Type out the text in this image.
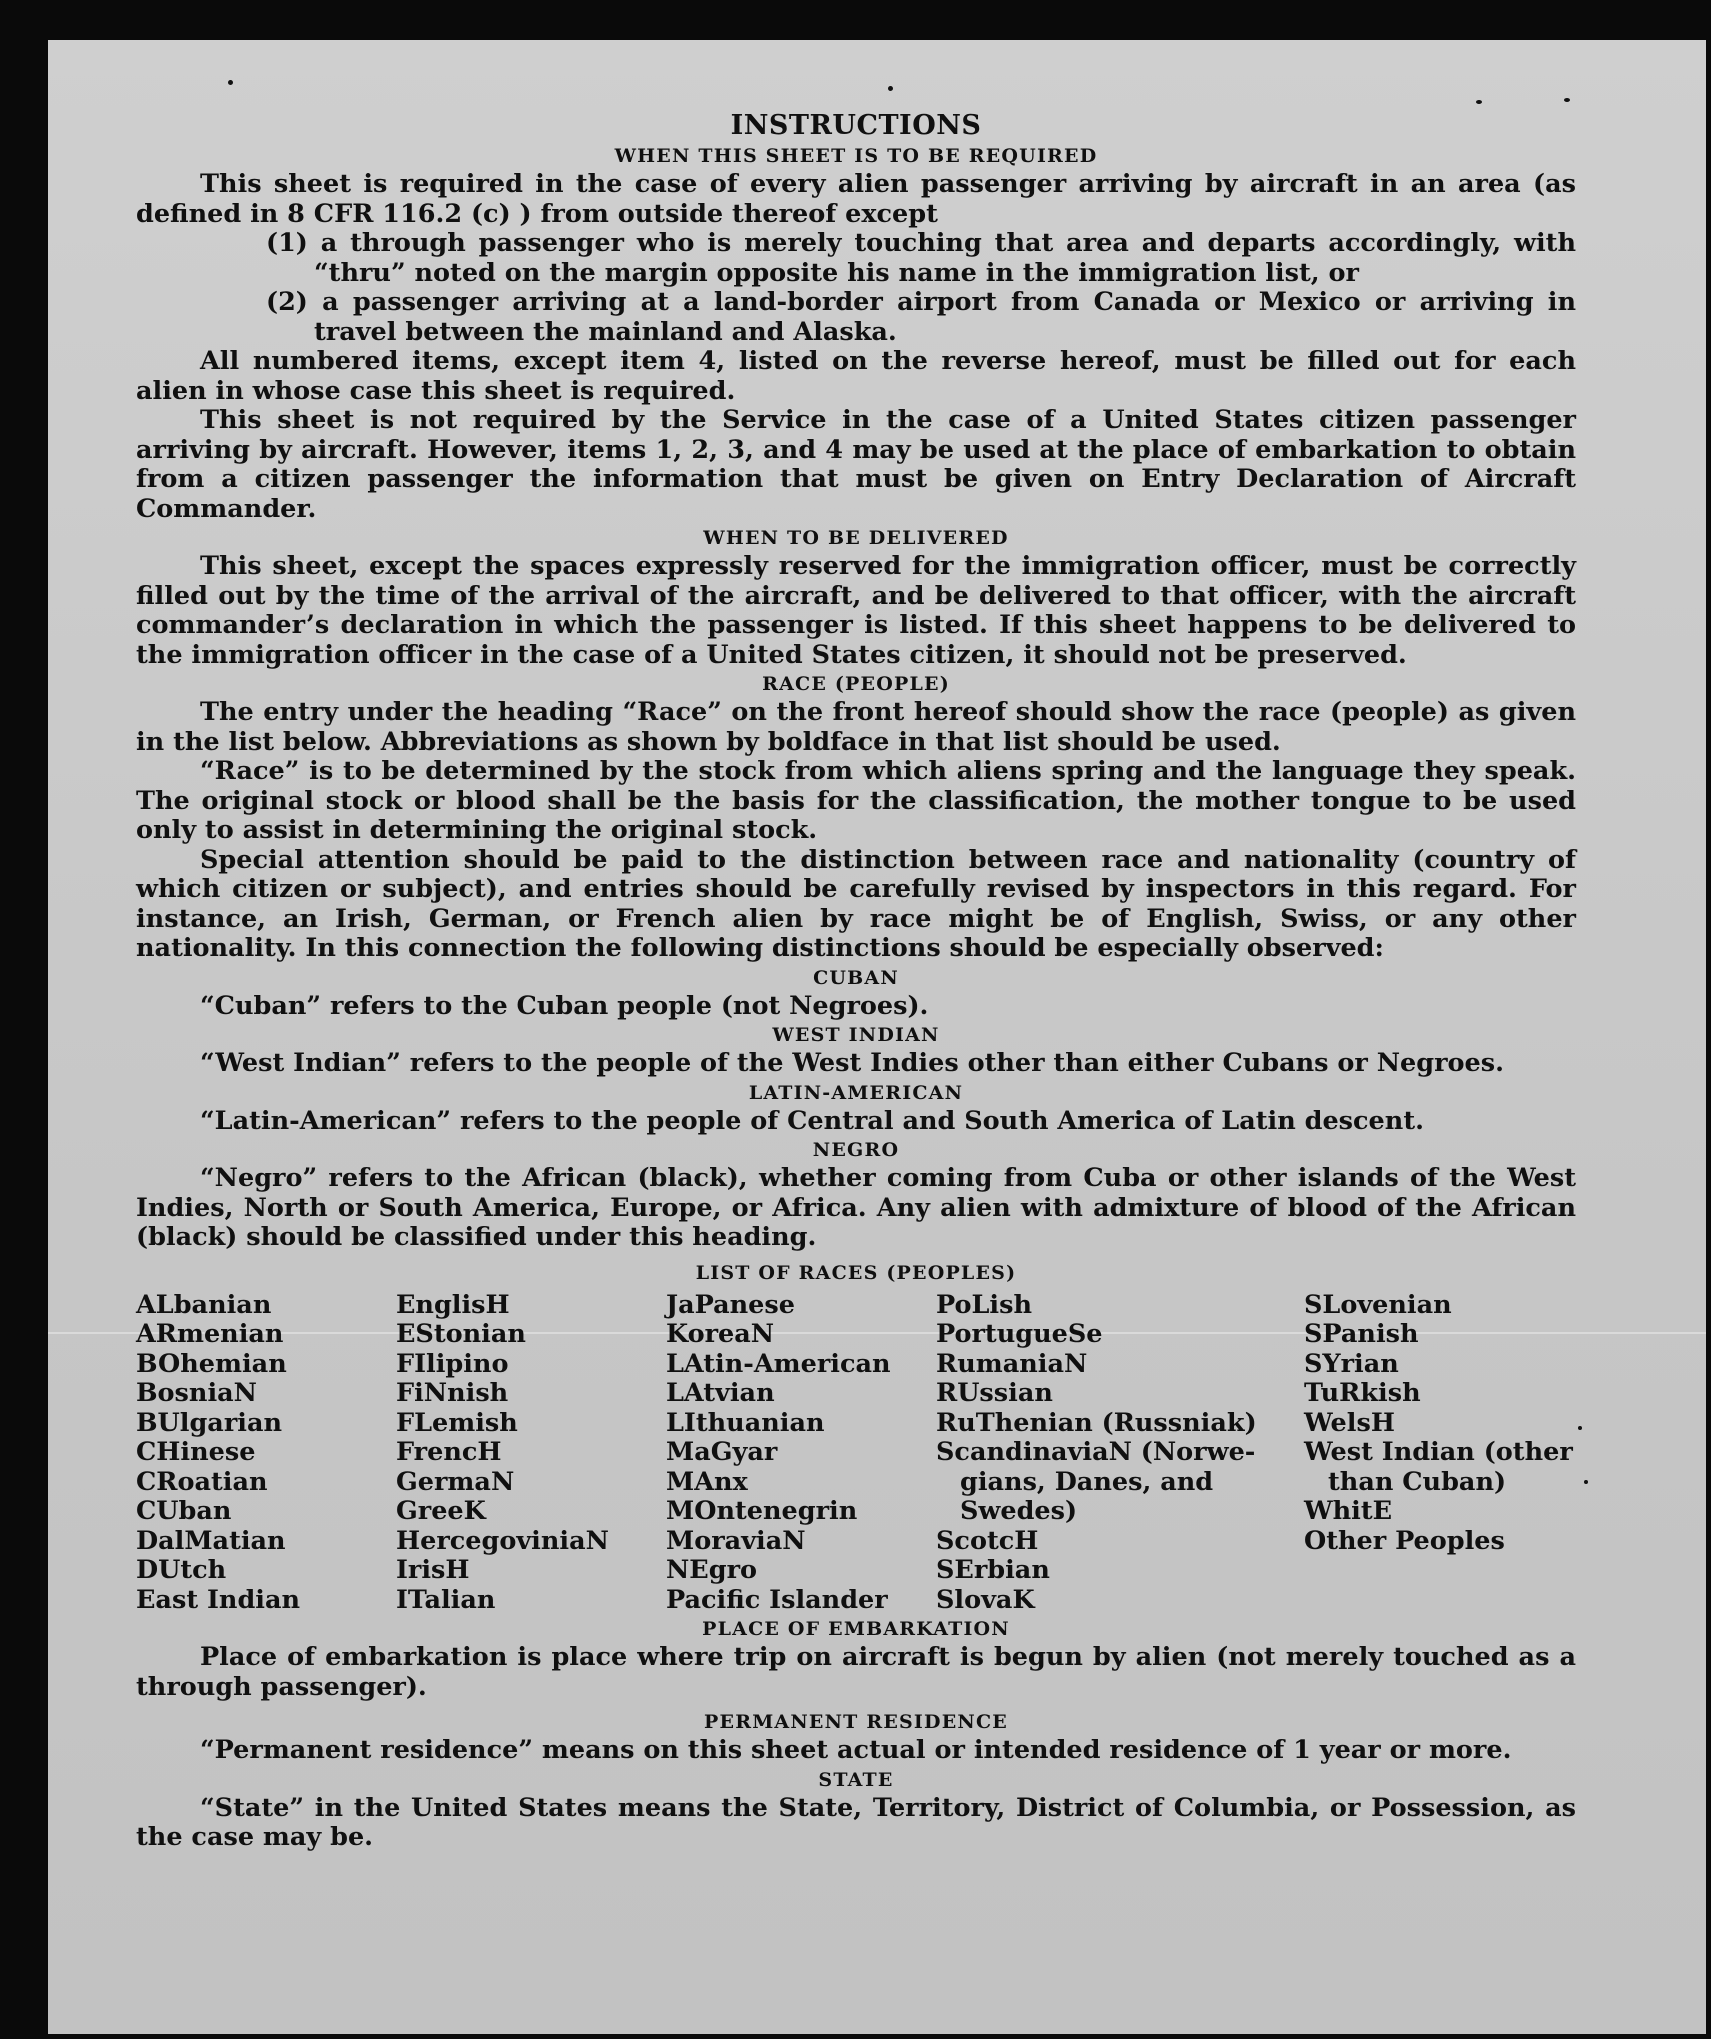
INSTRUCTIONS

WHEN THIS SHEET IS TO BE REQUIRED

This sheet is required in the case of every alien passenger arriving by aircraft in an area (as defined in 8 CFR 116.2 (c) ) from outside thereof except

(1) a through passenger who is merely touching that area and departs accordingly, with “thru” noted on the margin opposite his name in the immigration list, or

(2) a passenger arriving at a land-border airport from Canada or Mexico or arriving in travel between the mainland and Alaska.

All numbered items, except item 4, listed on the reverse hereof, must be filled out for each alien in whose case this sheet is required.

This sheet is not required by the Service in the case of a United States citizen passenger arriving by aircraft. However, items 1, 2, 3, and 4 may be used at the place of embarkation to obtain from a citizen passenger the information that must be given on Entry Declaration of Aircraft Commander.

WHEN TO BE DELIVERED

This sheet, except the spaces expressly reserved for the immigration officer, must be correctly filled out by the time of the arrival of the aircraft, and be delivered to that officer, with the aircraft commander’s declaration in which the passenger is listed. If this sheet happens to be delivered to the immigration officer in the case of a United States citizen, it should not be preserved.

RACE (PEOPLE)

The entry under the heading “Race” on the front hereof should show the race (people) as given in the list below. Abbreviations as shown by boldface in that list should be used.

“Race” is to be determined by the stock from which aliens spring and the language they speak. The original stock or blood shall be the basis for the classification, the mother tongue to be used only to assist in determining the original stock.

Special attention should be paid to the distinction between race and nationality (country of which citizen or subject), and entries should be carefully revised by inspectors in this regard. For instance, an Irish, German, or French alien by race might be of English, Swiss, or any other nationality. In this connection the following distinctions should be especially observed:

CUBAN

“Cuban” refers to the Cuban people (not Negroes).

WEST INDIAN

“West Indian” refers to the people of the West Indies other than either Cubans or Negroes.

LATIN-AMERICAN

“Latin-American” refers to the people of Central and South America of Latin descent.

NEGRO

“Negro” refers to the African (black), whether coming from Cuba or other islands of the West Indies, North or South America, Europe, or Africa. Any alien with admixture of blood of the African (black) should be classified under this heading.

LIST OF RACES (PEOPLES)

ALbanian
ARmenian
BOhemian
BosniaN
BUlgarian
CHinese
CRoatian
CUban
DalMatian
DUtch
East Indian
EnglisH
EStonian
FIlipino
FiNnish
FLemish
FrencH
GermaN
GreeK
HercegoviniaN
IrisH
ITalian
JaPanese
KoreaN
LAtin-American
LAtvian
LIthuanian
MaGyar
MAnx
MOntenegrin
MoraviaN
NEgro
Pacific Islander
PoLish
PortugueSe
RumaniaN
RUssian
RuThenian (Russniak)
ScandinaviaN (Norwe-
gians, Danes, and
Swedes)
ScotcH
SErbian
SlovaK
SLovenian
SPanish
SYrian
TuRkish
WelsH
West Indian (other
than Cuban)
WhitE
Other Peoples

PLACE OF EMBARKATION

Place of embarkation is place where trip on aircraft is begun by alien (not merely touched as a through passenger).

PERMANENT RESIDENCE

“Permanent residence” means on this sheet actual or intended residence of 1 year or more.

STATE

“State” in the United States means the State, Territory, District of Columbia, or Possession, as the case may be.
